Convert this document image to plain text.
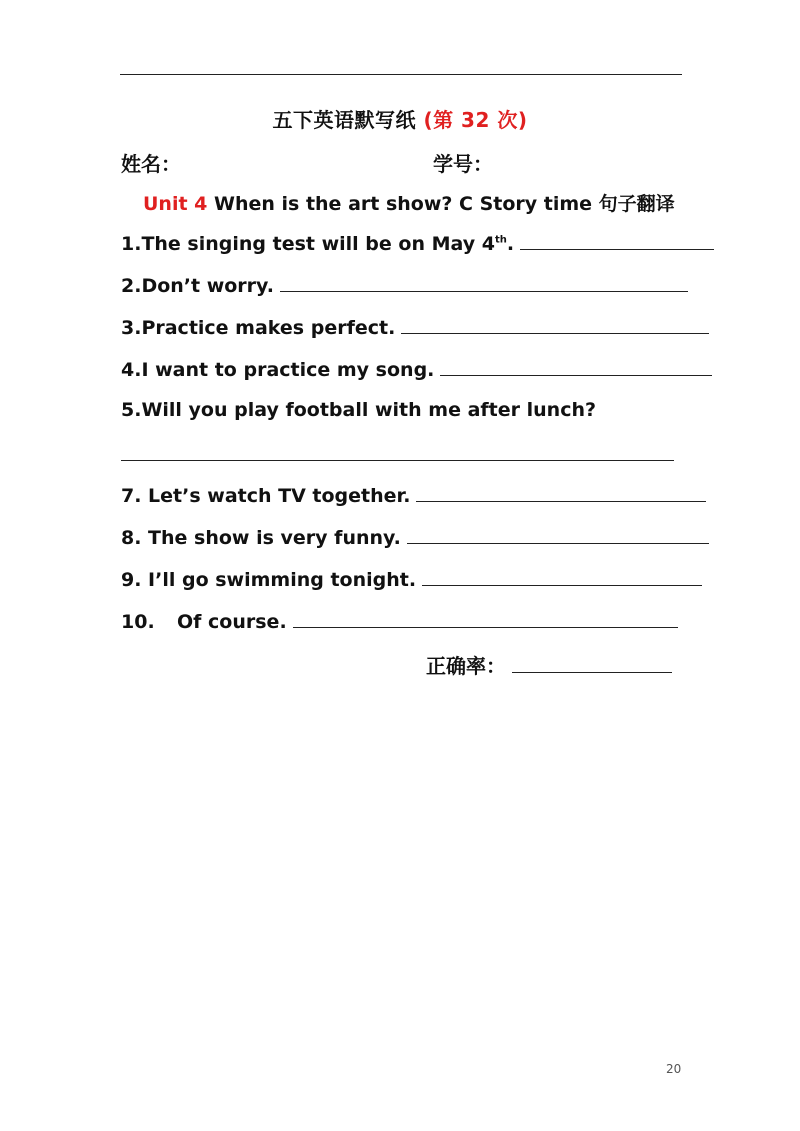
五下英语默写纸 (第 32 次)
姓名：	学号：
Unit 4 When is the art show? C Story time 句子翻译
1.The singing test will be on May 4th.
2.Don’t worry.
3.Practice makes perfect.
4.I want to practice my song.
5.Will you play football with me after lunch?
7. Let’s watch TV together.
8. The show is very funny.
9. I’ll go swimming tonight.
10. Of course.
正确率：
20
